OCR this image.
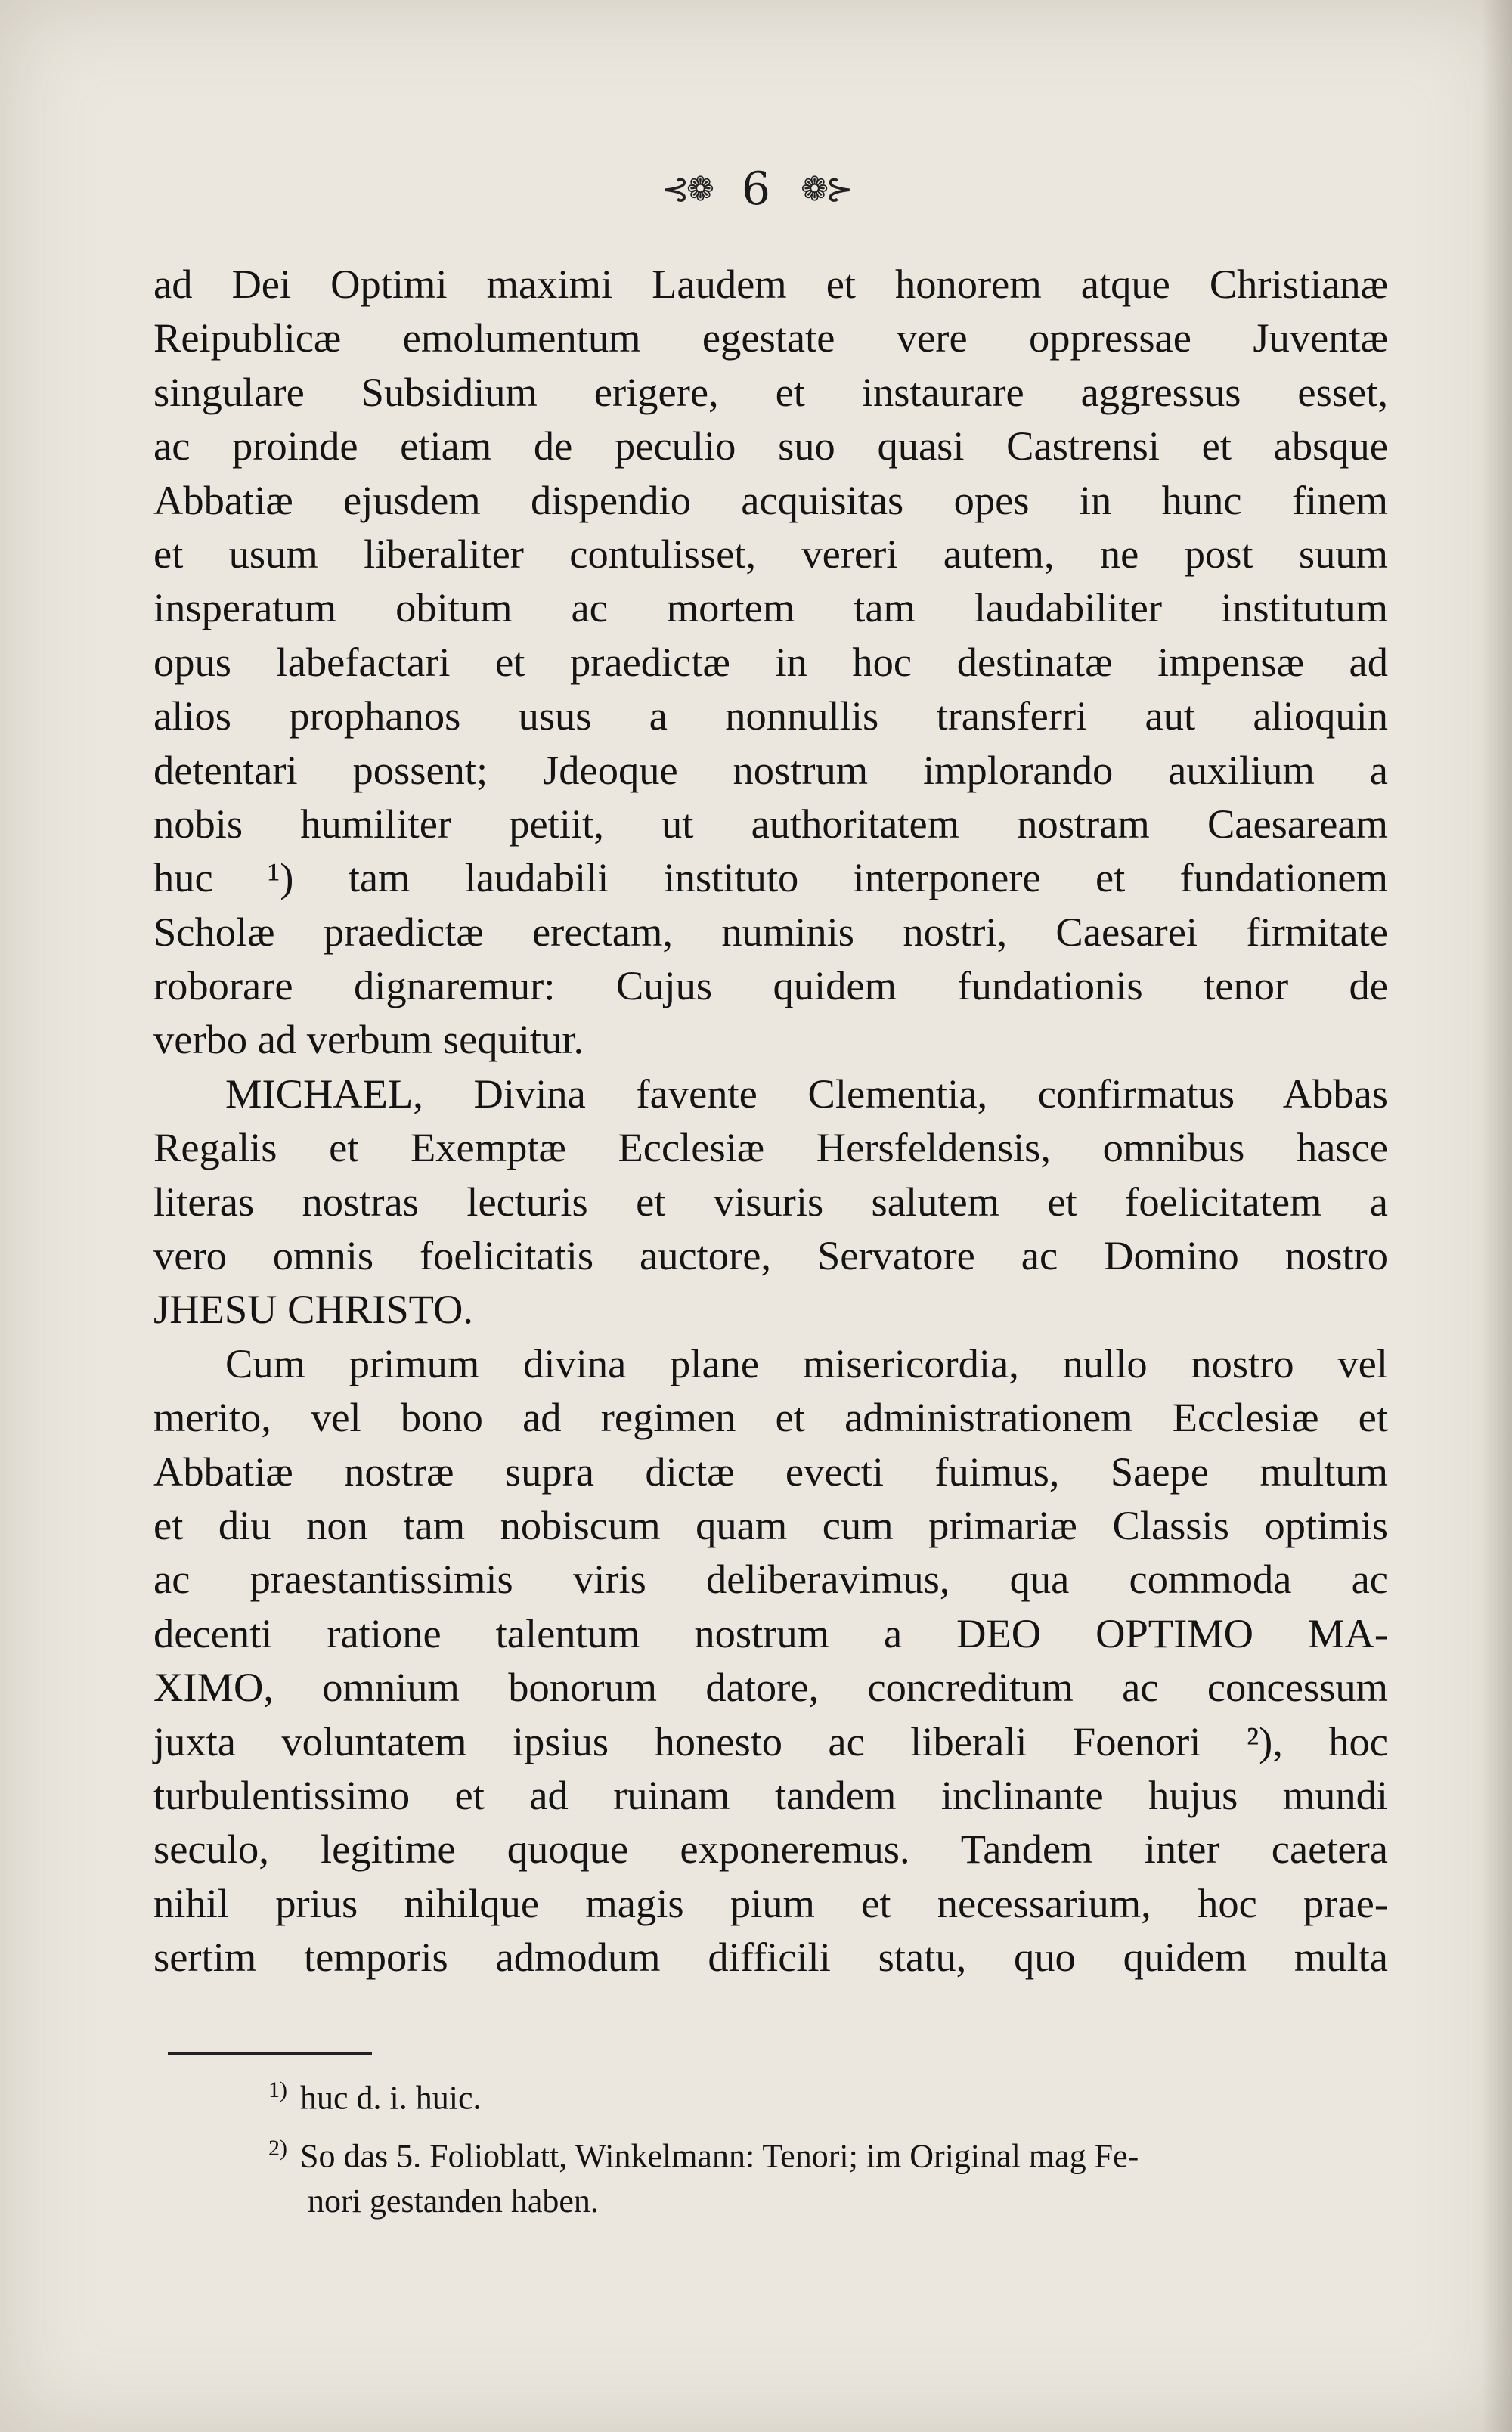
⊰❁ 6 ❁⊱
ad Dei Optimi maximi Laudem et honorem atque Christianæ
Reipublicæ emolumentum egestate vere oppressae Juventæ
singulare Subsidium erigere, et instaurare aggressus esset,
ac proinde etiam de peculio suo quasi Castrensi et absque
Abbatiæ ejusdem dispendio acquisitas opes in hunc finem
et usum liberaliter contulisset, vereri autem, ne post suum
insperatum obitum ac mortem tam laudabiliter institutum
opus labefactari et praedictæ in hoc destinatæ impensæ ad
alios prophanos usus a nonnullis transferri aut alioquin
detentari possent; Jdeoque nostrum implorando auxilium a
nobis humiliter petiit, ut authoritatem nostram Caesaream
huc ¹) tam laudabili instituto interponere et fundationem
Scholæ praedictæ erectam, numinis nostri, Caesarei firmitate
roborare dignaremur: Cujus quidem fundationis tenor de
verbo ad verbum sequitur.
MICHAEL, Divina favente Clementia, confirmatus Abbas
Regalis et Exemptæ Ecclesiæ Hersfeldensis, omnibus hasce
literas nostras lecturis et visuris salutem et foelicitatem a
vero omnis foelicitatis auctore, Servatore ac Domino nostro
JHESU CHRISTO.
Cum primum divina plane misericordia, nullo nostro vel
merito, vel bono ad regimen et administrationem Ecclesiæ et
Abbatiæ nostræ supra dictæ evecti fuimus, Saepe multum
et diu non tam nobiscum quam cum primariæ Classis optimis
ac praestantissimis viris deliberavimus, qua commoda ac
decenti ratione talentum nostrum a DEO OPTIMO MA-
XIMO, omnium bonorum datore, concreditum ac concessum
juxta voluntatem ipsius honesto ac liberali Foenori ²), hoc
turbulentissimo et ad ruinam tandem inclinante hujus mundi
seculo, legitime quoque exponeremus. Tandem inter caetera
nihil prius nihilque magis pium et necessarium, hoc prae-
sertim temporis admodum difficili statu, quo quidem multa
$^{1)}$ huc d. i. huic.
$^{2)}$ So das 5. Folioblatt, Winkelmann: Tenori; im Original mag Fe-
nori gestanden haben.
